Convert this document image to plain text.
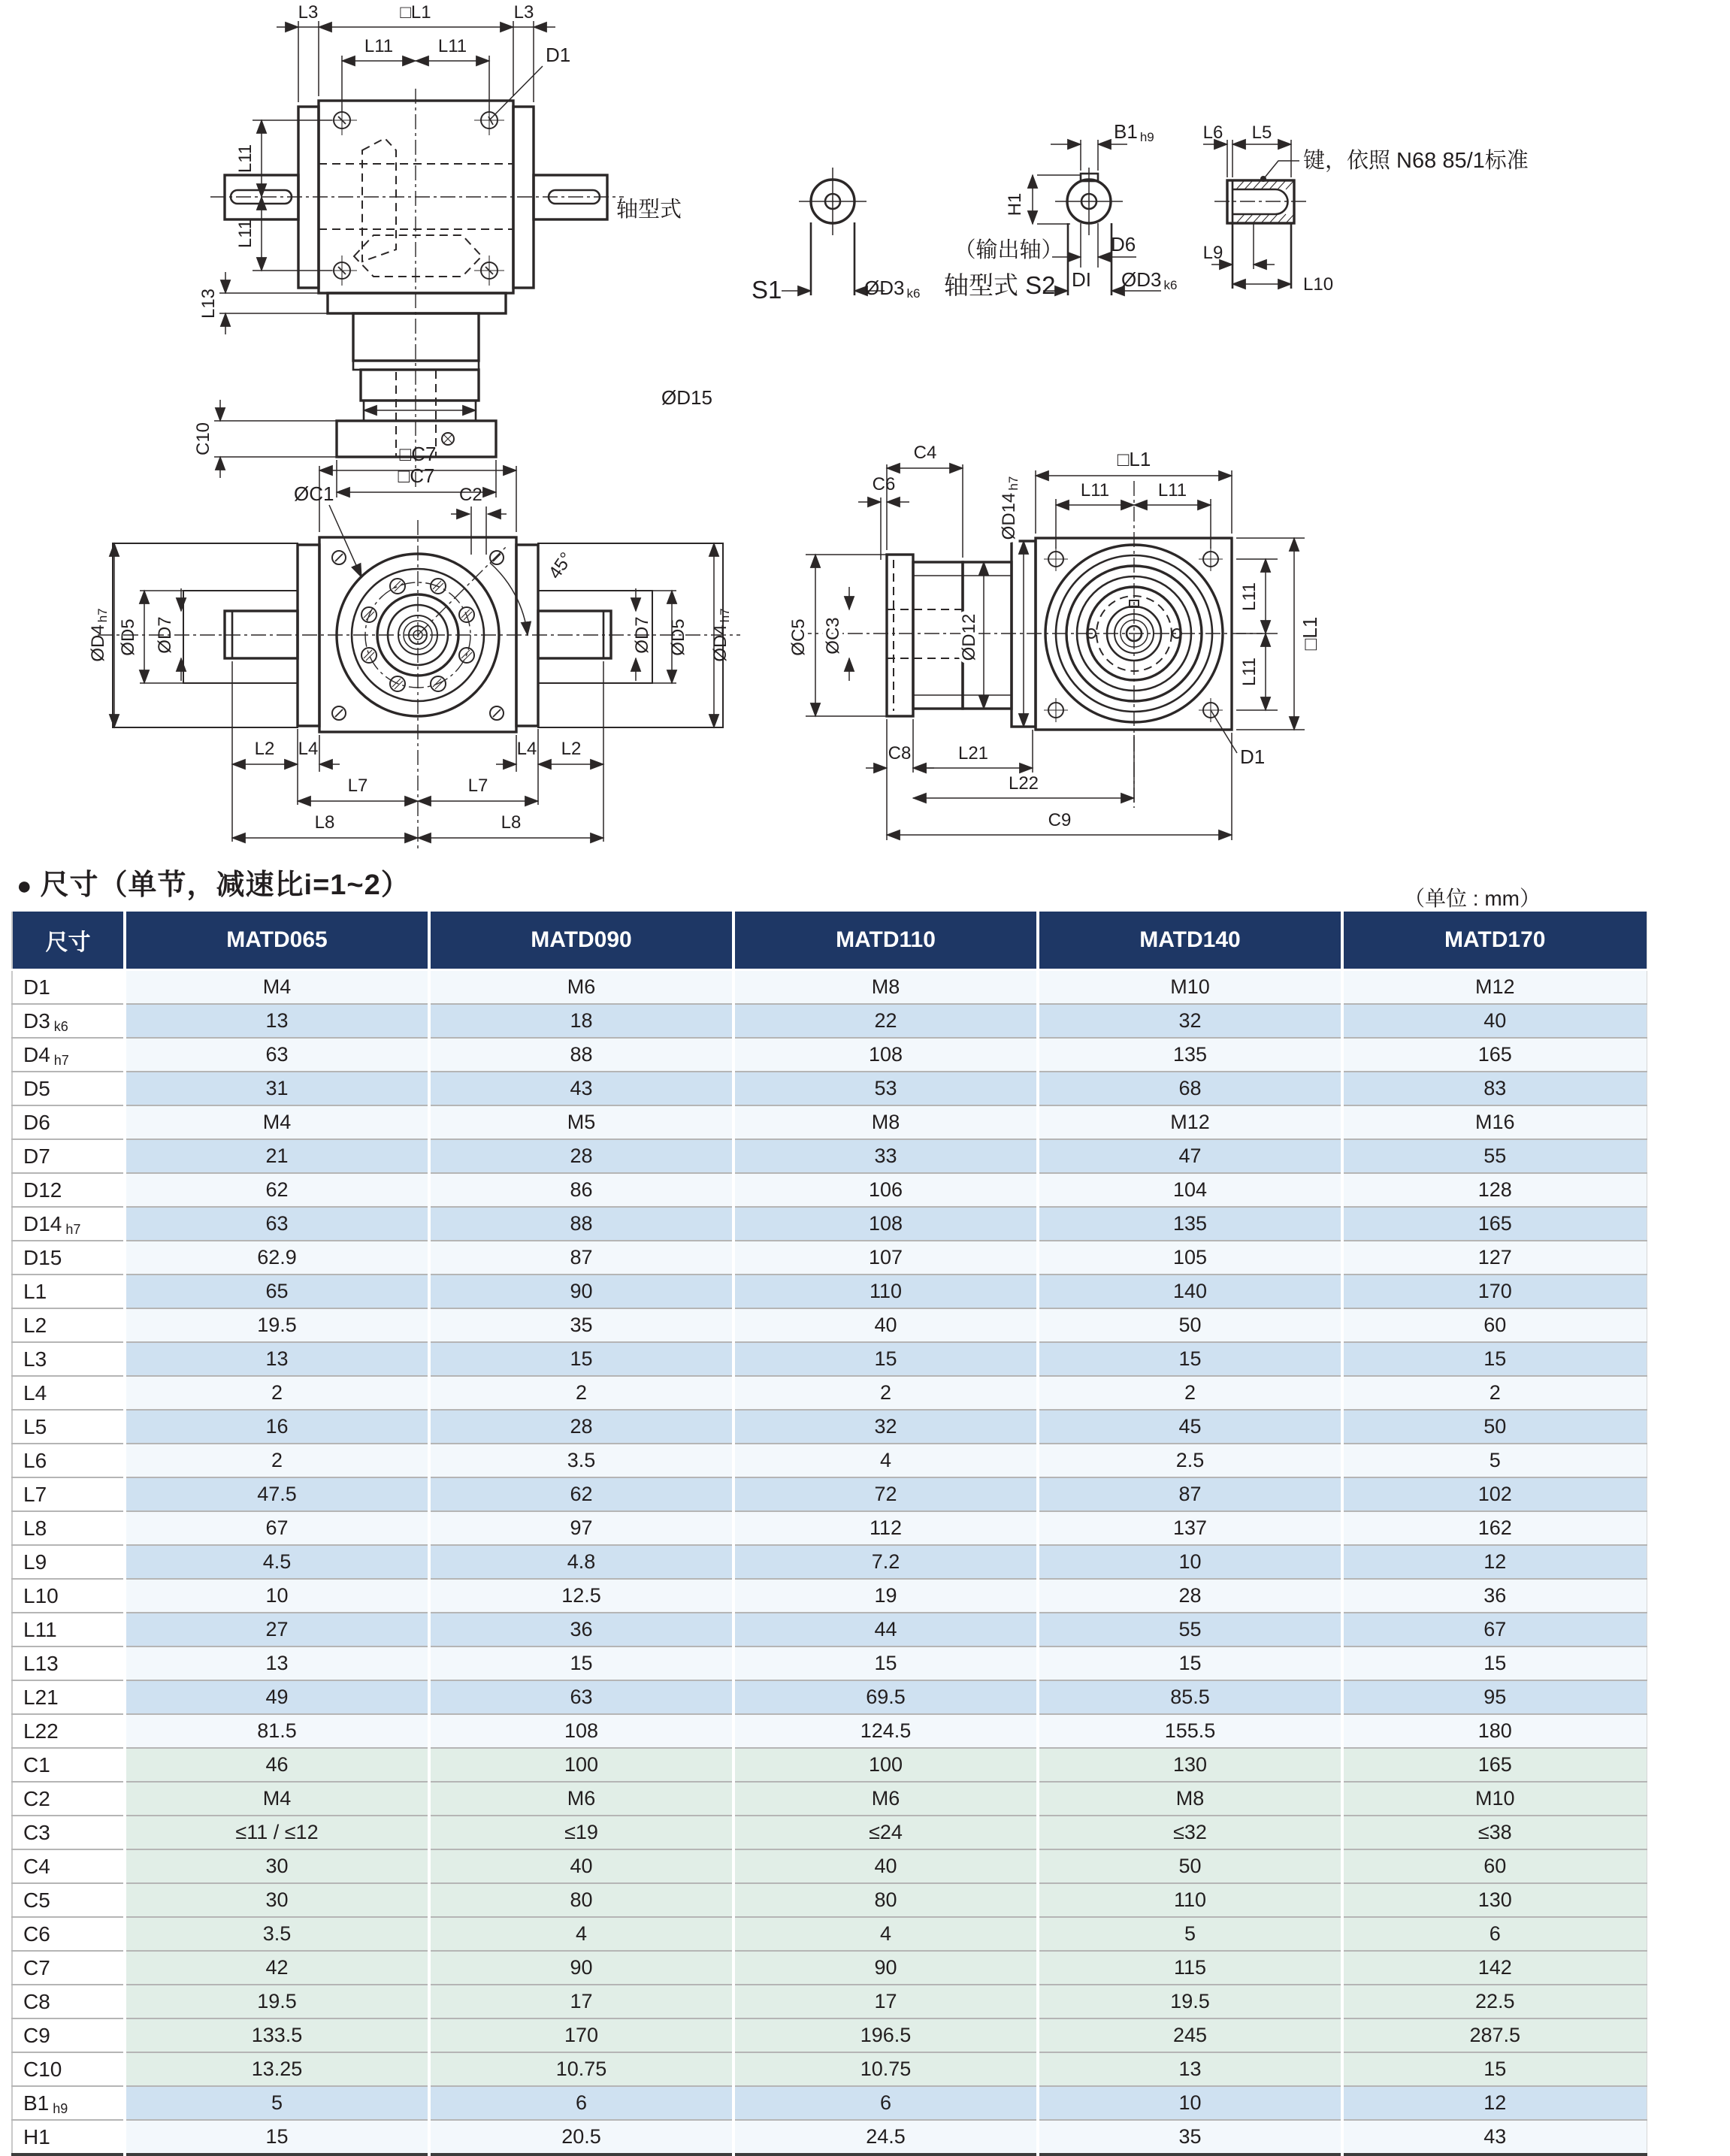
L3	□L1	L3
L11 L11	D1
L11
L11
L13
C10
ØD15
□C7
轴型式
S1	ØD3 k6
B1 h9
H1
D6
DI ØD3 k6
（输出轴）
轴型式 S2
L6 L5
键，依照 N68 85/1标准
L9
L10
□C7
ØC1	C2
45°
ØD4h7
ØD5 ØD7	ØD7 ØD5 ØD4h7
L2 L4	L4 L2
L7	L7
L8	L8
C4
C6
ØD14h7
□L1
L11	L11
ØC5 ØC3	ØD12
L11
L11
□L1
C8	L21
L22
C9
D1
● 尺寸（单节，减速比i=1~2）	（单位 : mm）
尺寸	MATD065	MATD090	MATD110	MATD140	MATD170
D1	M4	M6	M8	M10	M12
D3 k6	13	18	22	32	40
D4 h7	63	88	108	135	165
D5	31	43	53	68	83
D6	M4	M5	M8	M12	M16
D7	21	28	33	47	55
D12	62	86	106	104	128
D14 h7	63	88	108	135	165
D15	62.9	87	107	105	127
L1	65	90	110	140	170
L2	19.5	35	40	50	60
L3	13	15	15	15	15
L4	2	2	2	2	2
L5	16	28	32	45	50
L6	2	3.5	4	2.5	5
L7	47.5	62	72	87	102
L8	67	97	112	137	162
L9	4.5	4.8	7.2	10	12
L10	10	12.5	19	28	36
L11	27	36	44	55	67
L13	13	15	15	15	15
L21	49	63	69.5	85.5	95
L22	81.5	108	124.5	155.5	180
C1	46	100	100	130	165
C2	M4	M6	M6	M8	M10
C3	≤11 / ≤12	≤19	≤24	≤32	≤38
C4	30	40	40	50	60
C5	30	80	80	110	130
C6	3.5	4	4	5	6
C7	42	90	90	115	142
C8	19.5	17	17	19.5	22.5
C9	133.5	170	196.5	245	287.5
C10	13.25	10.75	10.75	13	15
B1 h9	5	6	6	10	12
H1	15	20.5	24.5	35	43
